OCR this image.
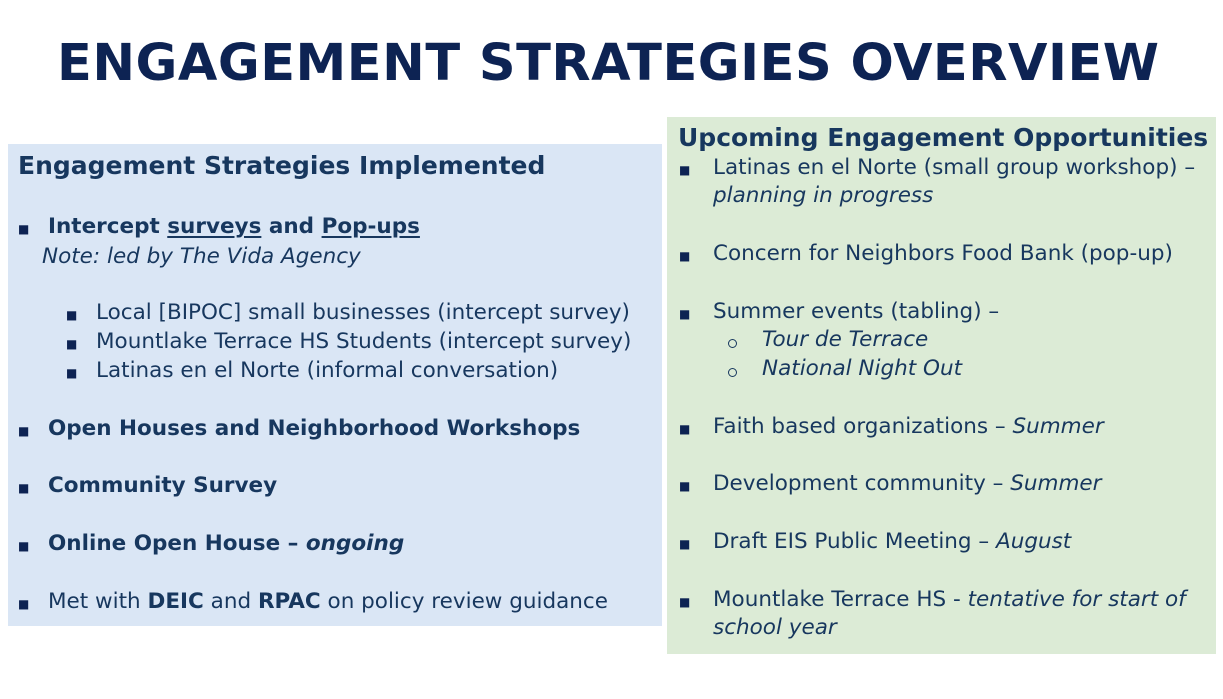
ENGAGEMENT STRATEGIES OVERVIEW
Engagement Strategies Implemented
■ Intercept surveys and Pop-ups
Note: led by The Vida Agency
■ Local [BIPOC] small businesses (intercept survey)
■ Mountlake Terrace HS Students (intercept survey)
■ Latinas en el Norte (informal conversation)
■ Open Houses and Neighborhood Workshops
■ Community Survey
■ Online Open House – ongoing
■ Met with DEIC and RPAC on policy review guidance
Upcoming Engagement Opportunities
■ Latinas en el Norte (small group workshop) –
planning in progress
■ Concern for Neighbors Food Bank (pop-up)
■ Summer events (tabling) –
Tour de Terrace
National Night Out
■ Faith based organizations – Summer
■ Development community – Summer
■ Draft EIS Public Meeting – August
■ Mountlake Terrace HS - tentative for start of
school year
